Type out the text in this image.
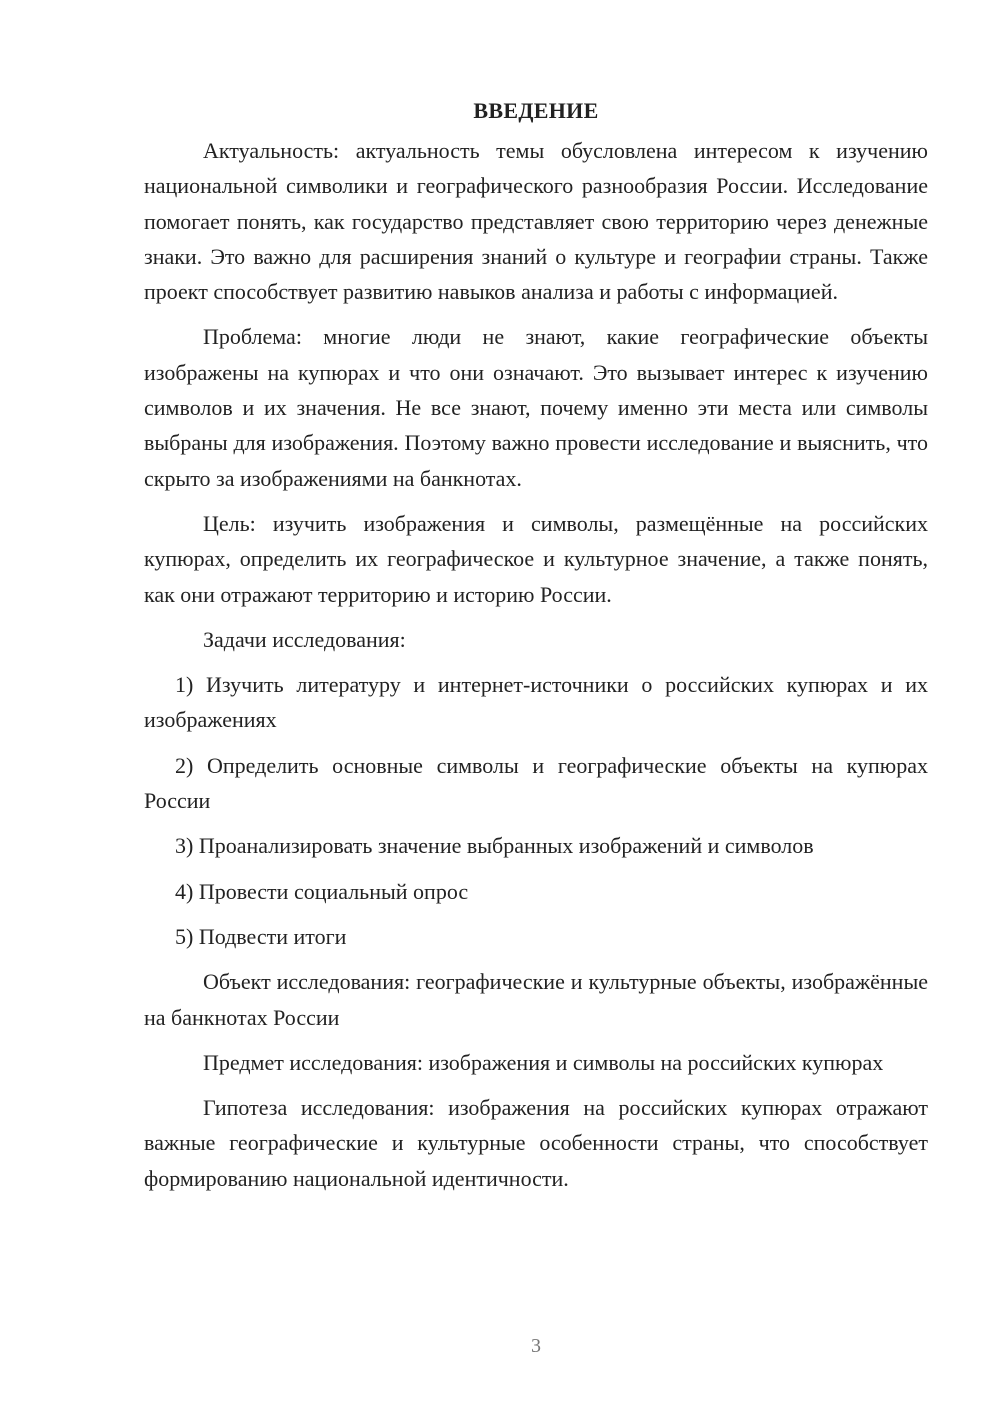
ВВЕДЕНИЕ

Актуальность: актуальность темы обусловлена интересом к изучению национальной символики и географического разнообразия России. Исследование помогает понять, как государство представляет свою территорию через денежные знаки. Это важно для расширения знаний о культуре и географии страны. Также проект способствует развитию навыков анализа и работы с информацией.

Проблема: многие люди не знают, какие географические объекты изображены на купюрах и что они означают. Это вызывает интерес к изучению символов и их значения. Не все знают, почему именно эти места или символы выбраны для изображения. Поэтому важно провести исследование и выяснить, что скрыто за изображениями на банкнотах.

Цель: изучить изображения и символы, размещённые на российских купюрах, определить их географическое и культурное значение, а также понять, как они отражают территорию и историю России.

Задачи исследования:

1) Изучить литературу и интернет-источники о российских купюрах и их изображениях

2) Определить основные символы и географические объекты на купюрах России

3) Проанализировать значение выбранных изображений и символов

4) Провести социальный опрос

5) Подвести итоги

Объект исследования: географические и культурные объекты, изображённые на банкнотах России

Предмет исследования: изображения и символы на российских купюрах

Гипотеза исследования: изображения на российских купюрах отражают важные географические и культурные особенности страны, что способствует формированию национальной идентичности.

3
